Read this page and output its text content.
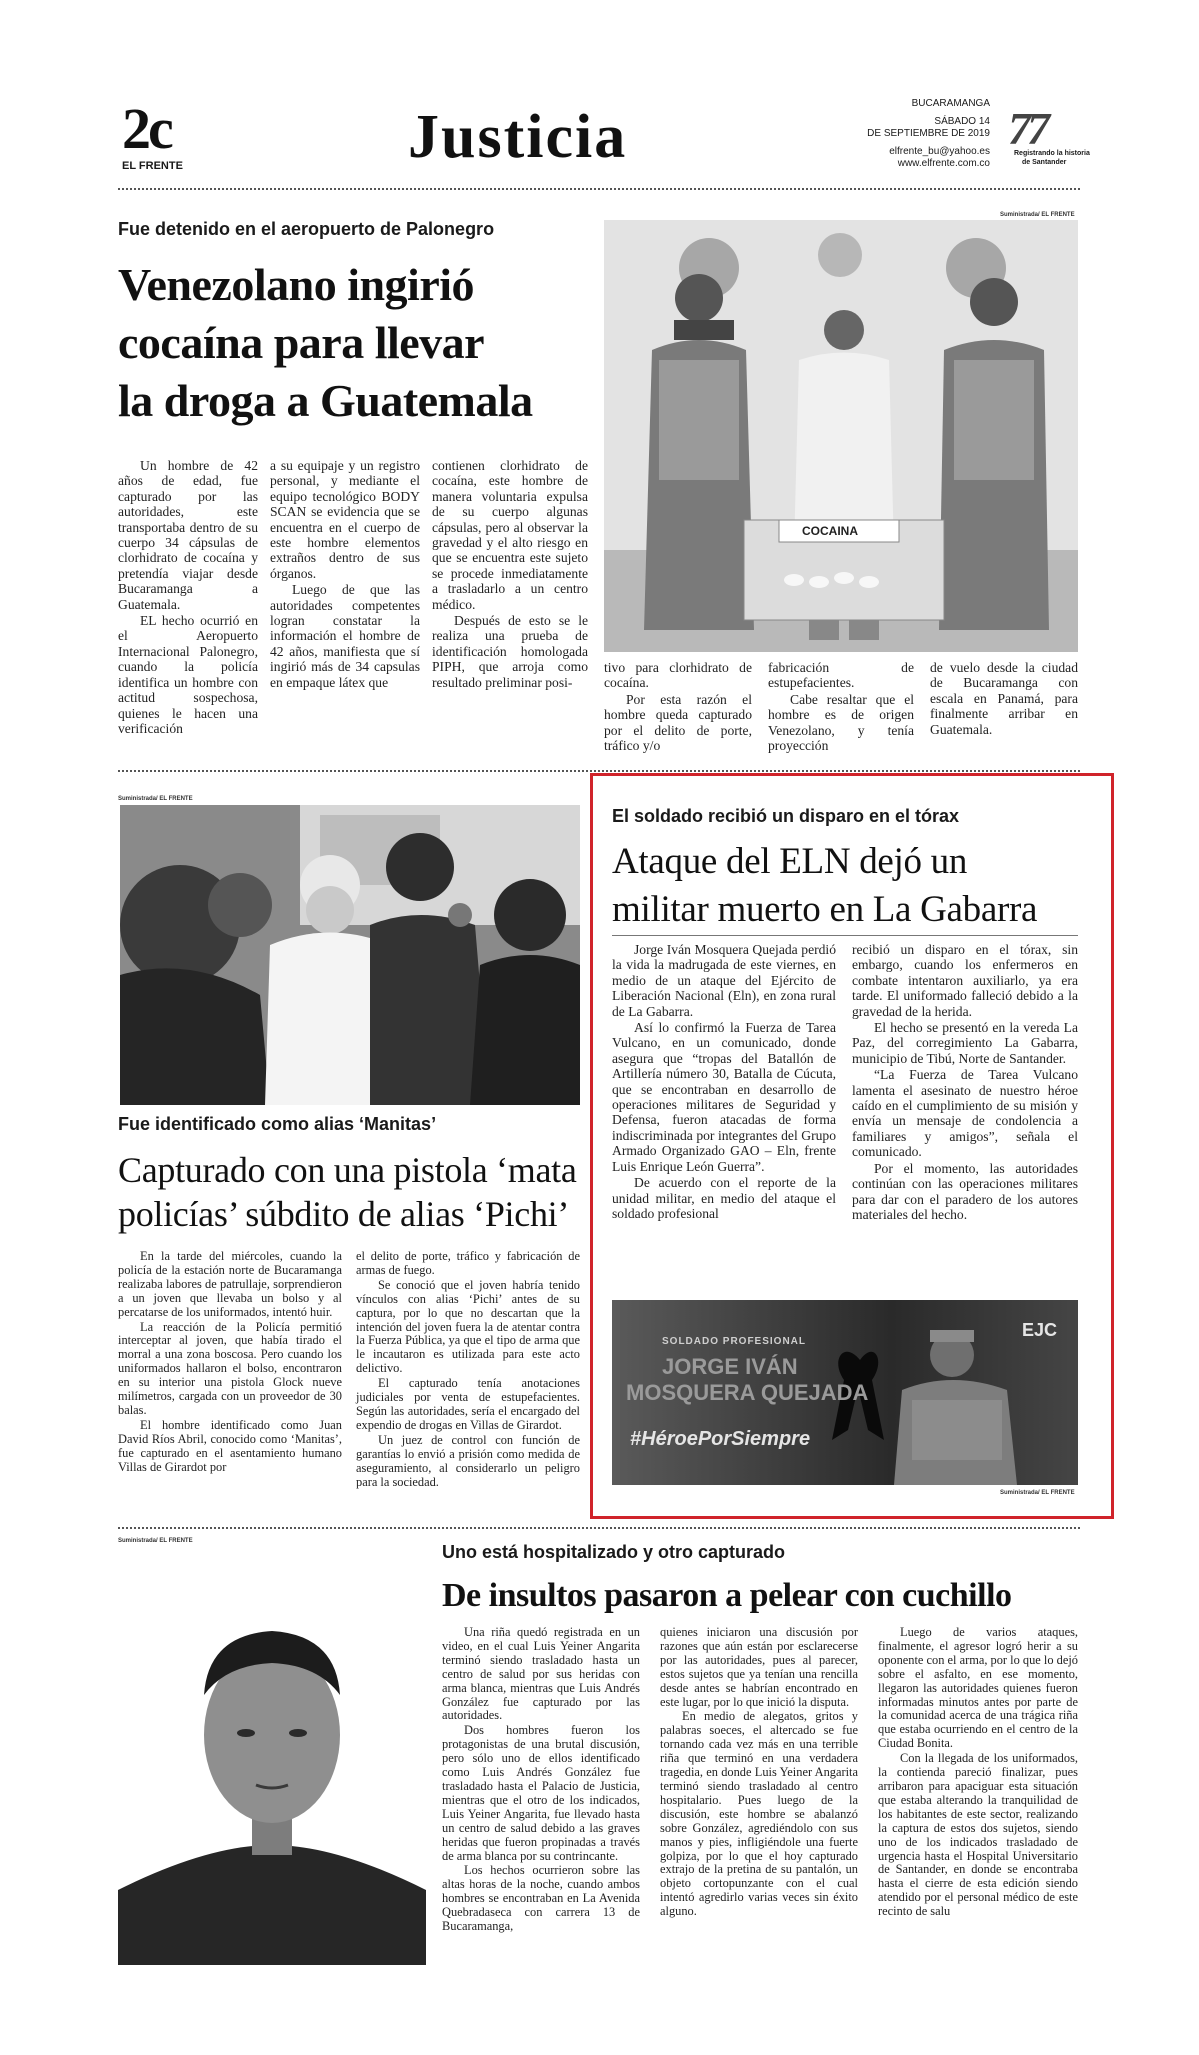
2c
EL FRENTE	Justicia	BUCARAMANGA
SÁBADO 14
DE SEPTIEMBRE DE 2019
elfrente_bu@yahoo.es
www.elfrente.com.co
77
Registrando la historia
de Santander
Fue detenido en el aeropuerto de Palonegro
Venezolano ingirió
cocaína para llevar
la droga a Guatemala
Suministrada/ EL FRENTE
COCAINA

Un hombre de 42 años de edad, fue capturado por las autoridades, este transportaba dentro de su cuerpo 34 cápsulas de clorhidrato de cocaína y pretendía viajar desde Bucaramanga a Guatemala.

EL hecho ocurrió en el Aeropuerto Internacional Palonegro, cuando la policía identifica un hombre con actitud sospechosa, quienes le hacen una verificación

a su equipaje y un registro personal, y mediante el equipo tecnológico BODY SCAN se evidencia que se encuentra en el cuerpo de este hombre elementos extraños dentro de sus órganos.

Luego de que las autoridades competentes logran constatar la información el hombre de 42 años, manifiesta que sí ingirió más de 34 capsulas en empaque látex que

contienen clorhidrato de cocaína, este hombre de manera voluntaria expulsa de su cuerpo algunas cápsulas, pero al observar la gravedad y el alto riesgo en que se encuentra este sujeto se procede inmediatamente a trasladarlo a un centro médico.

Después de esto se le realiza una prueba de identificación homologada PIPH, que arroja como resultado preliminar posi-

tivo para clorhidrato de cocaína.

Por esta razón el hombre queda capturado por el delito de porte, tráfico y/o

fabricación de estupefacientes.

Cabe resaltar que el hombre es de origen Venezolano, y tenía proyección

de vuelo desde la ciudad de Bucaramanga con escala en Panamá, para finalmente arribar en Guatemala.

Suministrada/ EL FRENTE
Fue identificado como alias ‘Manitas’
Capturado con una pistola ‘mata
policías’ súbdito de alias ‘Pichi’

En la tarde del miércoles, cuando la policía de la estación norte de Bucaramanga realizaba labores de patrullaje, sorprendieron a un joven que llevaba un bolso y al percatarse de los uniformados, intentó huir.

La reacción de la Policía permitió interceptar al joven, que había tirado el morral a una zona boscosa. Pero cuando los uniformados hallaron el bolso, encontraron en su interior una pistola Glock nueve milímetros, cargada con un proveedor de 30 balas.

El hombre identificado como Juan David Ríos Abril, conocido como ‘Manitas’, fue capturado en el asentamiento humano Villas de Girardot por

el delito de porte, tráfico y fabricación de armas de fuego.

Se conoció que el joven habría tenido vínculos con alias ‘Pichi’ antes de su captura, por lo que no descartan que la intención del joven fuera la de atentar contra la Fuerza Pública, ya que el tipo de arma que le incautaron es utilizada para este acto delictivo.

El capturado tenía anotaciones judiciales por venta de estupefacientes. Según las autoridades, sería el encargado del expendio de drogas en Villas de Girardot.

Un juez de control con función de garantías lo envió a prisión como medida de aseguramiento, al considerarlo un peligro para la sociedad.

El soldado recibió un disparo en el tórax
Ataque del ELN dejó un
militar muerto en La Gabarra

Jorge Iván Mosquera Quejada perdió la vida la madrugada de este viernes, en medio de un ataque del Ejército de Liberación Nacional (Eln), en zona rural de La Gabarra.

Así lo confirmó la Fuerza de Tarea Vulcano, en un comunicado, donde asegura que “tropas del Batallón de Artillería número 30, Batalla de Cúcuta, que se encontraban en desarrollo de operaciones militares de Seguridad y Defensa, fueron atacadas de forma indiscriminada por integrantes del Grupo Armado Organizado GAO – Eln, frente Luis Enrique León Guerra”.

De acuerdo con el reporte de la unidad militar, en medio del ataque el soldado profesional

recibió un disparo en el tórax, sin embargo, cuando los enfermeros en combate intentaron auxiliarlo, ya era tarde. El uniformado falleció debido a la gravedad de la herida.

El hecho se presentó en la vereda La Paz, del corregimiento La Gabarra, municipio de Tibú, Norte de Santander.

“La Fuerza de Tarea Vulcano lamenta el asesinato de nuestro héroe caído en el cumplimiento de su misión y envía un mensaje de condolencia a familiares y amigos”, señala el comunicado.

Por el momento, las autoridades continúan con las operaciones militares para dar con el paradero de los autores materiales del hecho.

SOLDADO PROFESIONAL
JORGE IVÁN
MOSQUERA QUEJADA
#HéroePorSiempre
EJC
Suministrada/ EL FRENTE
Suministrada/ EL FRENTE
Uno está hospitalizado y otro capturado
De insultos pasaron a pelear con cuchillo

Una riña quedó registrada en un video, en el cual Luis Yeiner Angarita terminó siendo trasladado hasta un centro de salud por sus heridas con arma blanca, mientras que Luis Andrés González fue capturado por las autoridades.

Dos hombres fueron los protagonistas de una brutal discusión, pero sólo uno de ellos identificado como Luis Andrés González fue trasladado hasta el Palacio de Justicia, mientras que el otro de los indicados, Luis Yeiner Angarita, fue llevado hasta un centro de salud debido a las graves heridas que fueron propinadas a través de arma blanca por su contrincante.

Los hechos ocurrieron sobre las altas horas de la noche, cuando ambos hombres se encontraban en La Avenida Quebradaseca con carrera 13 de Bucaramanga,

quienes iniciaron una discusión por razones que aún están por esclarecerse por las autoridades, pues al parecer, estos sujetos que ya tenían una rencilla desde antes se habrían encontrado en este lugar, por lo que inició la disputa.

En medio de alegatos, gritos y palabras soeces, el altercado se fue tornando cada vez más en una terrible riña que terminó en una verdadera tragedia, en donde Luis Yeiner Angarita terminó siendo trasladado al centro hospitalario. Pues luego de la discusión, este hombre se abalanzó sobre González, agrediéndolo con sus manos y pies, infligiéndole una fuerte golpiza, por lo que el hoy capturado extrajo de la pretina de su pantalón, un objeto cortopunzante con el cual intentó agredirlo varias veces sin éxito alguno.

Luego de varios ataques, finalmente, el agresor logró herir a su oponente con el arma, por lo que lo dejó sobre el asfalto, en ese momento, llegaron las autoridades quienes fueron informadas minutos antes por parte de la comunidad acerca de una trágica riña que estaba ocurriendo en el centro de la Ciudad Bonita.

Con la llegada de los uniformados, la contienda pareció finalizar, pues arribaron para apaciguar esta situación que estaba alterando la tranquilidad de los habitantes de este sector, realizando la captura de estos dos sujetos, siendo uno de los indicados trasladado de urgencia hasta el Hospital Universitario de Santander, en donde se encontraba hasta el cierre de esta edición siendo atendido por el personal médico de este recinto de salu
